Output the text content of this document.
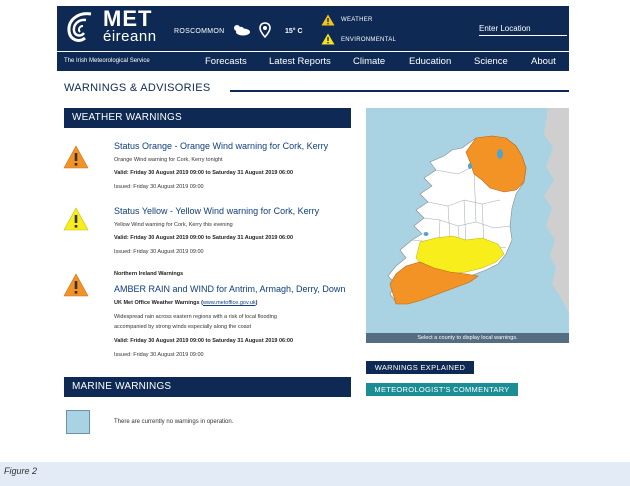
MET
éireann ROSCOMMON	15° C
WEATHER
ENVIRONMENTAL
Enter Location
The Irish Meteorological Service	Forecasts Latest Reports Climate	Education Science About
WARNINGS & ADVISORIES
WEATHER WARNINGS
Status Orange - Orange Wind warning for Cork, Kerry
Orange Wind warning for Cork, Kerry tonight
Valid: Friday 30 August 2019 09:00 to Saturday 31 August 2019 06:00
Issued: Friday 30 August 2019 09:00
Status Yellow - Yellow Wind warning for Cork, Kerry
Yellow Wind warning for Cork, Kerry this evening
Valid: Friday 30 August 2019 09:00 to Saturday 31 August 2019 06:00
Issued: Friday 30 August 2019 09:00
Northern Ireland Warnings
AMBER RAIN and WIND for Antrim, Armagh, Derry, Down
UK Met Office Weather Warnings (www.metoffice.gov.uk)
Widespread rain across eastern regions with a risk of local flooding
accompanied by strong winds especially along the coast
Valid: Friday 30 August 2019 09:00 to Saturday 31 August 2019 06:00
Issued: Friday 30 August 2019 09:00
MARINE WARNINGS
There are currently no warnings in operation.
Select a county to display local warnings.
WARNINGS EXPLAINED
METEOROLOGIST'S COMMENTARY
Figure 2
